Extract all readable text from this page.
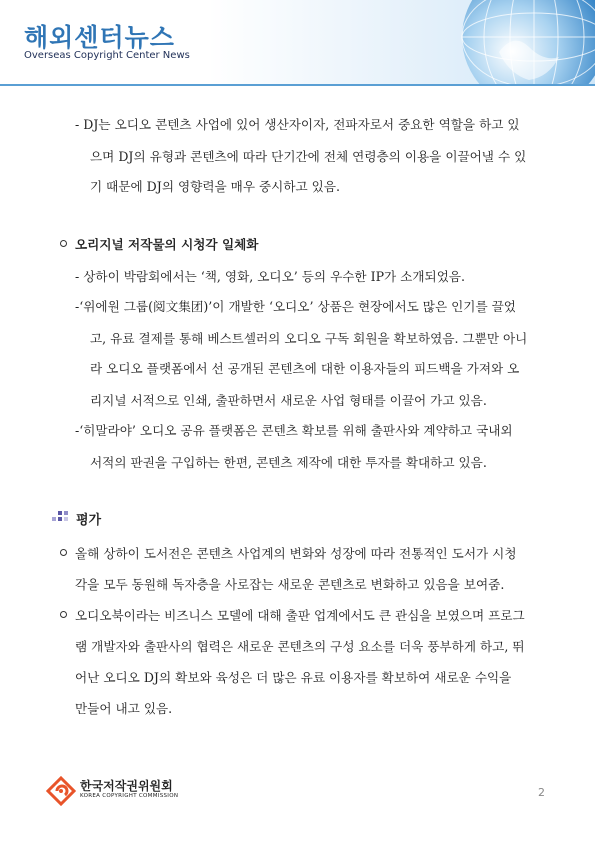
해외센터뉴스
Overseas Copyright Center News
- DJ는 오디오 콘텐츠 사업에 있어 생산자이자, 전파자로서 중요한 역할을 하고 있
으며 DJ의 유형과 콘텐츠에 따라 단기간에 전체 연령층의 이용을 이끌어낼 수 있
기 때문에 DJ의 영향력을 매우 중시하고 있음.
오리지널 저작물의 시청각 일체화
- 상하이 박람회에서는 ‘책, 영화, 오디오’ 등의 우수한 IP가 소개되었음.
-‘위에원 그룹(阅文集团)’이 개발한 ‘오디오’ 상품은 현장에서도 많은 인기를 끌었
고, 유료 결제를 통해 베스트셀러의 오디오 구독 회원을 확보하였음. 그뿐만 아니
라 오디오 플랫폼에서 선 공개된 콘텐츠에 대한 이용자들의 피드백을 가져와 오
리지널 서적으로 인쇄, 출판하면서 새로운 사업 형태를 이끌어 가고 있음.
-‘히말라야’ 오디오 공유 플랫폼은 콘텐츠 확보를 위해 출판사와 계약하고 국내외
서적의 판권을 구입하는 한편, 콘텐츠 제작에 대한 투자를 확대하고 있음.
평가
올해 상하이 도서전은 콘텐츠 사업계의 변화와 성장에 따라 전통적인 도서가 시청
각을 모두 동원해 독자층을 사로잡는 새로운 콘텐츠로 변화하고 있음을 보여줌.
오디오북이라는 비즈니스 모델에 대해 출판 업계에서도 큰 관심을 보였으며 프로그
램 개발자와 출판사의 협력은 새로운 콘텐츠의 구성 요소를 더욱 풍부하게 하고, 뛰
어난 오디오 DJ의 확보와 육성은 더 많은 유료 이용자를 확보하여 새로운 수익을
만들어 내고 있음.
한국저작권위원회
KOREA COPYRIGHT COMMISSION	2
